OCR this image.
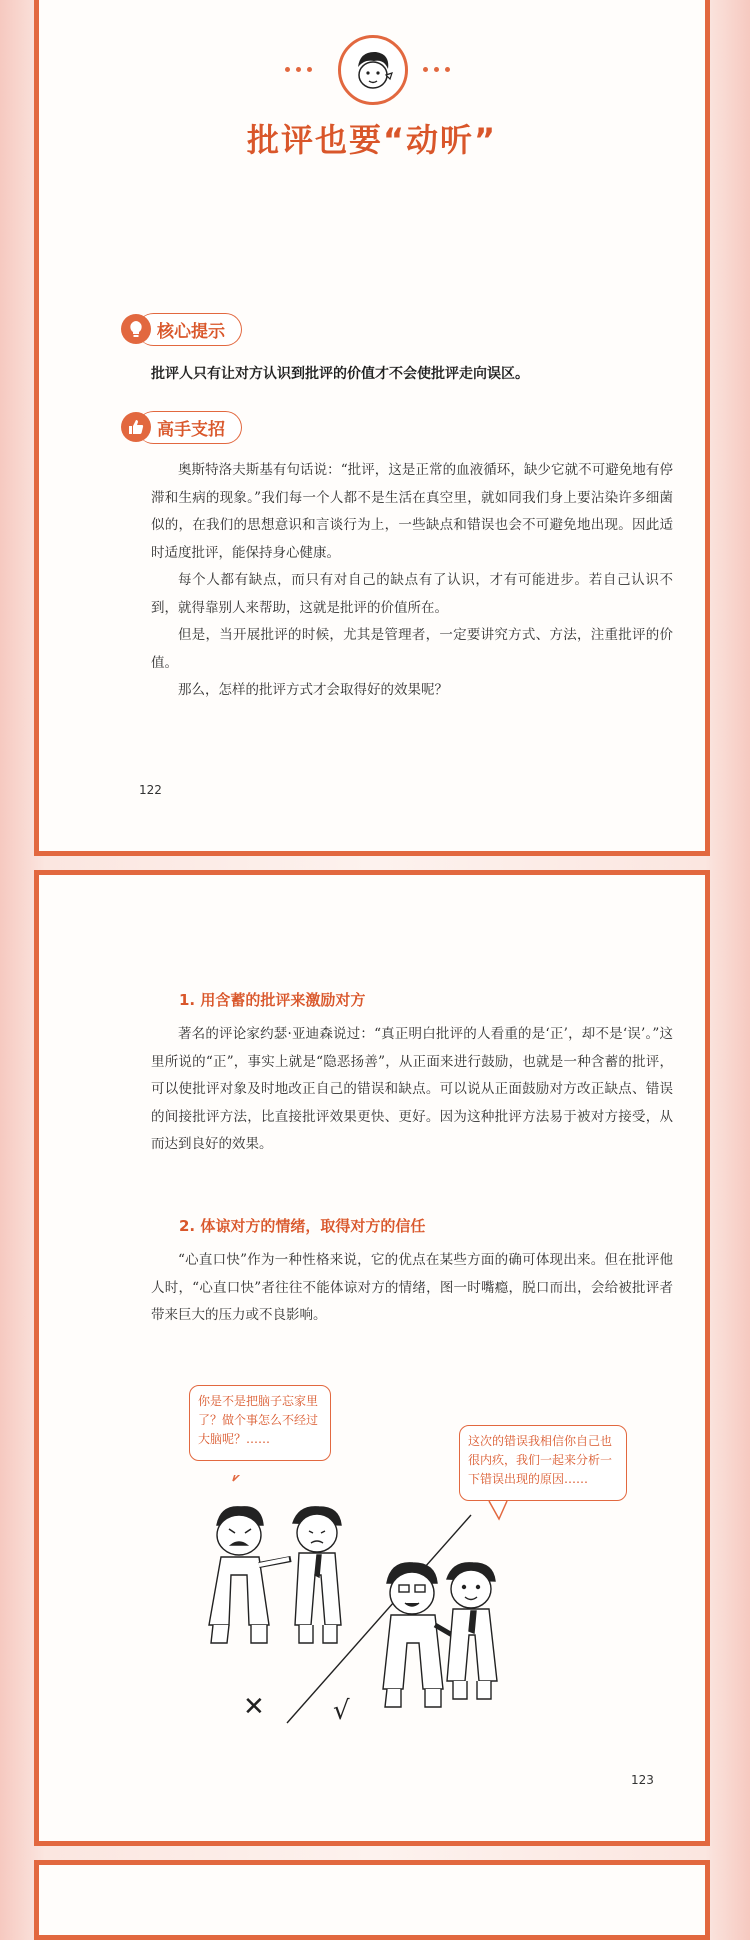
批评也要“动听”
核心提示
批评人只有让对方认识到批评的价值才不会使批评走向误区。
高手支招

奥斯特洛夫斯基有句话说：“批评，这是正常的血液循环，缺少它就不可避免地有停滞和生病的现象。”我们每一个人都不是生活在真空里，就如同我们身上要沾染许多细菌似的，在我们的思想意识和言谈行为上，一些缺点和错误也会不可避免地出现。因此适时适度批评，能保持身心健康。

每个人都有缺点，而只有对自己的缺点有了认识，才有可能进步。若自己认识不到，就得靠别人来帮助，这就是批评的价值所在。

但是，当开展批评的时候，尤其是管理者，一定要讲究方式、方法，注重批评的价值。

那么，怎样的批评方式才会取得好的效果呢？

122
1. 用含蓄的批评来激励对方

著名的评论家约瑟·亚迪森说过：“真正明白批评的人看重的是‘正’，却不是‘误’。”这里所说的“正”，事实上就是“隐恶扬善”，从正面来进行鼓励，也就是一种含蓄的批评，可以使批评对象及时地改正自己的错误和缺点。可以说从正面鼓励对方改正缺点、错误的间接批评方法，比直接批评效果更快、更好。因为这种批评方法易于被对方接受，从而达到良好的效果。

2. 体谅对方的情绪，取得对方的信任

“心直口快”作为一种性格来说，它的优点在某些方面的确可体现出来。但在批评他人时，“心直口快”者往往不能体谅对方的情绪，图一时嘴瘾，脱口而出，会给被批评者带来巨大的压力或不良影响。

✕	√
你是不是把脑子忘家里了？做个事怎么不经过大脑呢？……	这次的错误我相信你自己也很内疚，我们一起来分析一下错误出现的原因……
123
